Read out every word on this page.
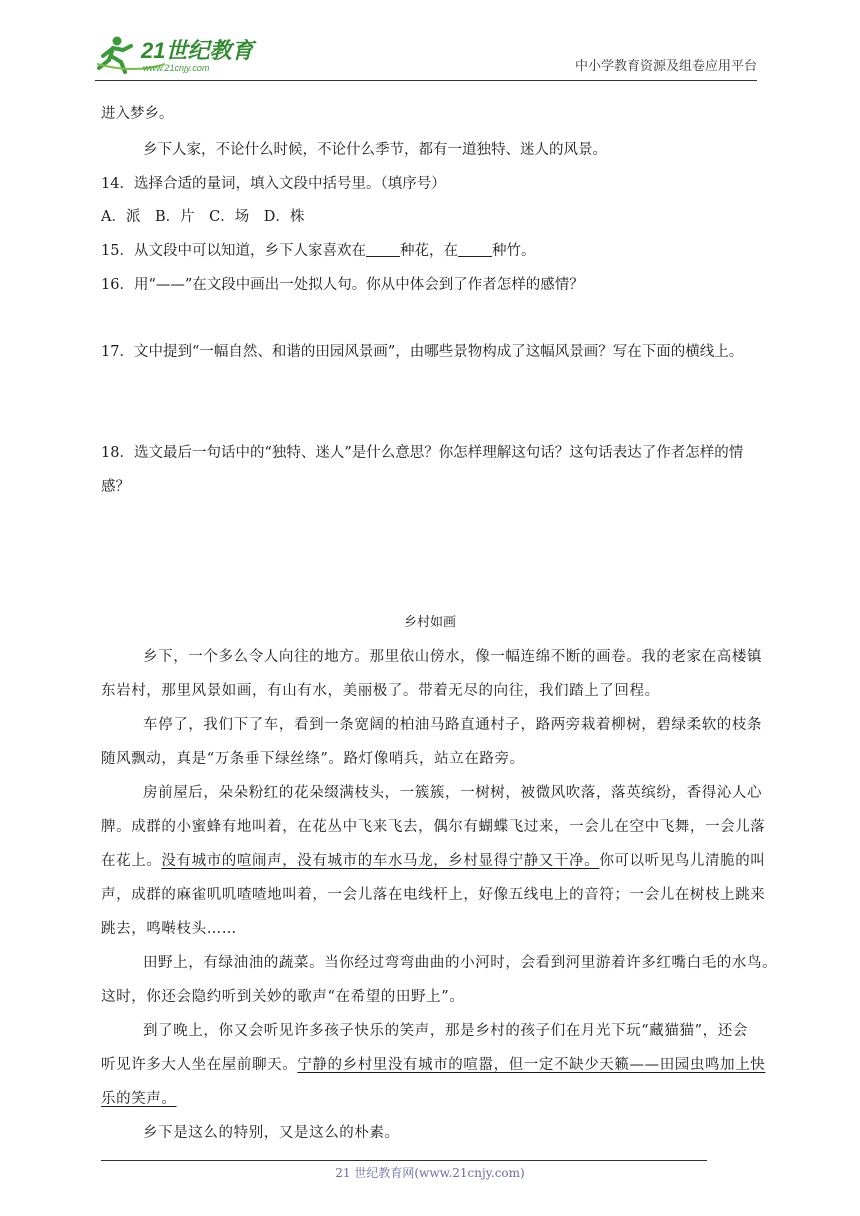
21世纪教育
www.21cnjy.com	中小学教育资源及组卷应用平台
进入梦乡。
乡下人家，不论什么时候，不论什么季节，都有一道独特、迷人的风景。
14．选择合适的量词，填入文段中括号里。（填序号）
A．派　B．片　C．场　D．株
15．从文段中可以知道，乡下人家喜欢在 种花，在 种竹。
16．用“——”在文段中画出一处拟人句。你从中体会到了作者怎样的感情？
17．文中提到“一幅自然、和谐的田园风景画”，由哪些景物构成了这幅风景画？写在下面的横线上。
18．选文最后一句话中的“独特、迷人”是什么意思？你怎样理解这句话？这句话表达了作者怎样的情
感？
乡村如画
乡下，一个多么令人向往的地方。那里依山傍水，像一幅连绵不断的画卷。我的老家在高楼镇
东岩村，那里风景如画，有山有水，美丽极了。带着无尽的向往，我们踏上了回程。
车停了，我们下了车，看到一条宽阔的柏油马路直通村子，路两旁栽着柳树，碧绿柔软的枝条
随风飘动，真是“万条垂下绿丝绦”。路灯像哨兵，站立在路旁。
房前屋后，朵朵粉红的花朵缀满枝头，一簇簇，一树树，被微风吹落，落英缤纷，香得沁人心
脾。成群的小蜜蜂有地叫着，在花丛中飞来飞去，偶尔有蝴蝶飞过来，一会儿在空中飞舞，一会儿落
在花上。没有城市的喧闹声，没有城市的车水马龙，乡村显得宁静又干净。你可以听见鸟儿清脆的叫
声，成群的麻雀叽叽喳喳地叫着，一会儿落在电线杆上，好像五线电上的音符；一会儿在树枝上跳来
跳去，鸣啭枝头……
田野上，有绿油油的蔬菜。当你经过弯弯曲曲的小河时，会看到河里游着许多红嘴白毛的水鸟。
这时，你还会隐约听到关妙的歌声“在希望的田野上”。
到了晚上，你又会听见许多孩子快乐的笑声，那是乡村的孩子们在月光下玩“藏猫猫”，还会
听见许多大人坐在屋前聊天。宁静的乡村里没有城市的喧嚣，但一定不缺少天籁——田园虫鸣加上快
乐的笑声。
乡下是这么的特别，又是这么的朴素。
21 世纪教育网(www.21cnjy.com)
